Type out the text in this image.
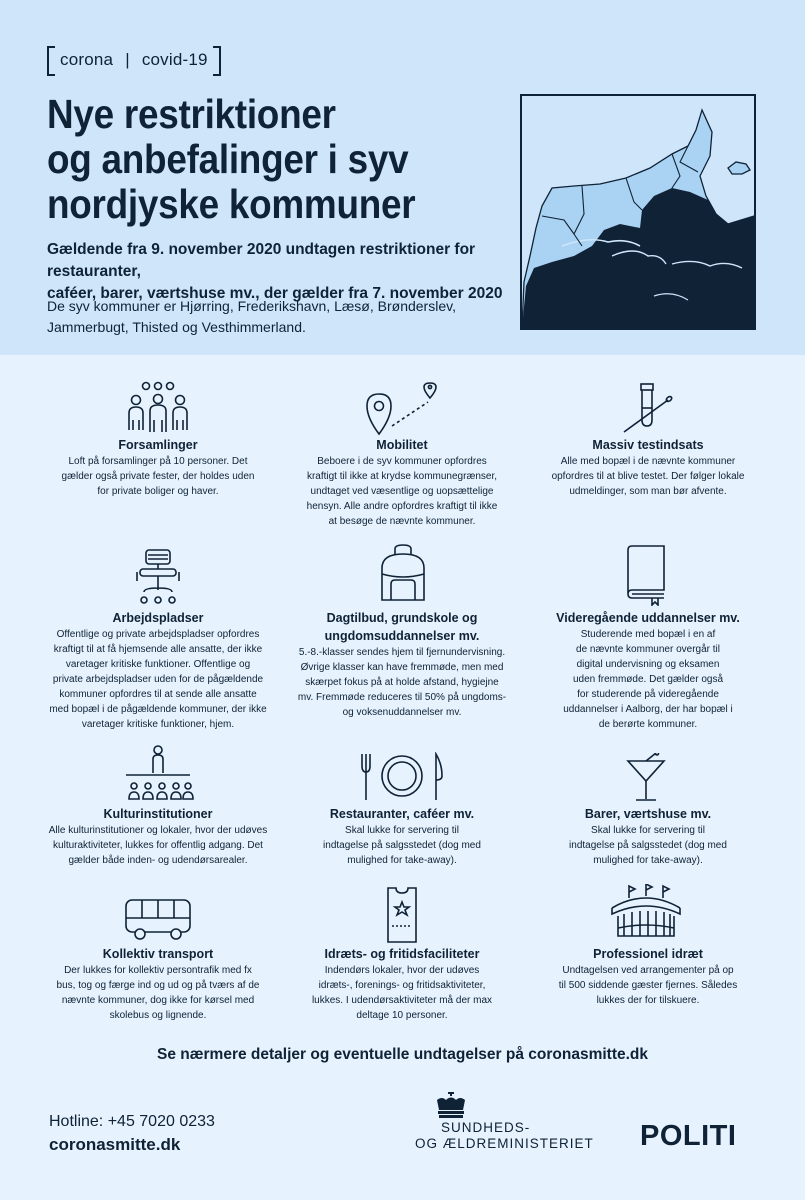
corona | covid-19
Nye restriktioner
og anbefalinger i syv
nordjyske kommuner

Gældende fra 9. november 2020 undtagen restriktioner for restauranter,
caféer, barer, værtshuse mv., der gælder fra 7. november 2020

De syv kommuner er Hjørring, Frederikshavn, Læsø, Brønderslev,
Jammerbugt, Thisted og Vesthimmerland.

Forsamlinger

Loft på forsamlinger på 10 personer. Det
gælder også private fester, der holdes uden
for private boliger og haver.

Mobilitet

Beboere i de syv kommuner opfordres
kraftigt til ikke at krydse kommunegrænser,
undtaget ved væsentlige og uopsættelige
hensyn. Alle andre opfordres kraftigt til ikke
at besøge de nævnte kommuner.

Massiv testindsats

Alle med bopæl i de nævnte kommuner
opfordres til at blive testet. Der følger lokale
udmeldinger, som man bør afvente.

Arbejdspladser

Offentlige og private arbejdspladser opfordres
kraftigt til at få hjemsende alle ansatte, der ikke
varetager kritiske funktioner. Offentlige og
private arbejdspladser uden for de pågældende
kommuner opfordres til at sende alle ansatte
med bopæl i de pågældende kommuner, der ikke
varetager kritiske funktioner, hjem.

Dagtilbud, grundskole og
ungdomsuddannelser mv.

5.-8.-klasser sendes hjem til fjernundervisning.
Øvrige klasser kan have fremmøde, men med
skærpet fokus på at holde afstand, hygiejne
mv. Fremmøde reduceres til 50% på ungdoms-
og voksenuddannelser mv.

Videregående uddannelser mv.

Studerende med bopæl i en af
de nævnte kommuner overgår til
digital undervisning og eksamen
uden fremmøde. Det gælder også
for studerende på videregående
uddannelser i Aalborg, der har bopæl i
de berørte kommuner.

Kulturinstitutioner

Alle kulturinstitutioner og lokaler, hvor der udøves
kulturaktiviteter, lukkes for offentlig adgang. Det
gælder både inden- og udendørsarealer.

Restauranter, caféer mv.

Skal lukke for servering til
indtagelse på salgsstedet (dog med
mulighed for take-away).

Barer, værtshuse mv.

Skal lukke for servering til
indtagelse på salgsstedet (dog med
mulighed for take-away).

Kollektiv transport

Der lukkes for kollektiv persontrafik med fx
bus, tog og færge ind og ud og på tværs af de
nævnte kommuner, dog ikke for kørsel med
skolebus og lignende.

Idræts- og fritidsfaciliteter

Indendørs lokaler, hvor der udøves
idræts-, forenings- og fritidsaktiviteter,
lukkes. I udendørsaktiviteter må der max
deltage 10 personer.

Professionel idræt

Undtagelsen ved arrangementer på op
til 500 siddende gæster fjernes. Således
lukkes der for tilskuere.

Se nærmere detaljer og eventuelle undtagelser på coronasmitte.dk
Hotline: +45 7020 0233
coronasmitte.dk
SUNDHEDS-
OG ÆLDREMINISTERIET	POLITI
